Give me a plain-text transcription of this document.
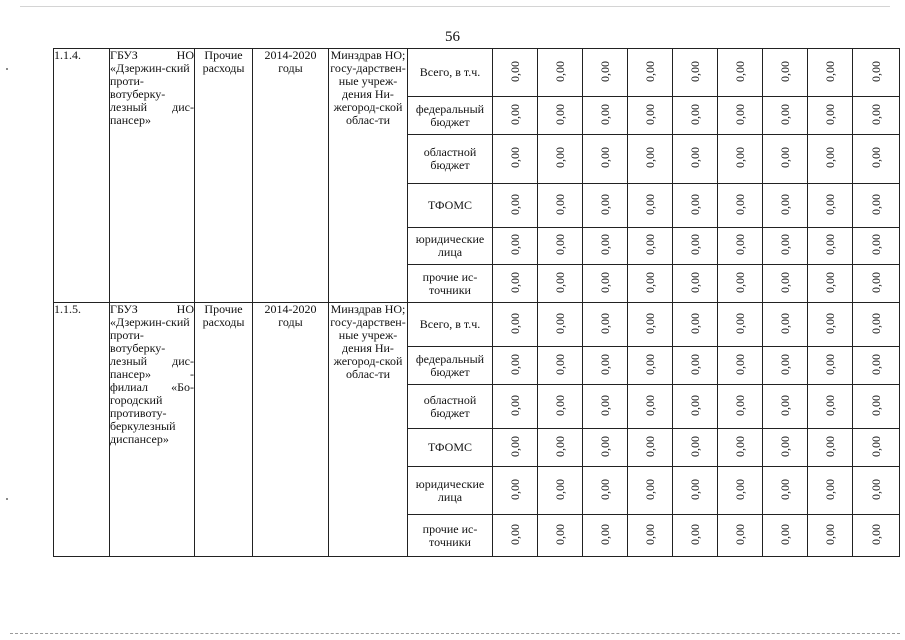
56
1.1.4.	ГБУЗ НО «Дзержин-ский проти-вотуберку-лезный дис-пансер»	Прочие расходы	2014-2020 годы	Минздрав НО; госу-дарствен-ные учреж-дения Ни-жегород-ской облас-ти	Всего, в т.ч.	0,00	0,00	0,00	0,00	0,00	0,00	0,00	0,00	0,00
					федеральный бюджет	0,00	0,00	0,00	0,00	0,00	0,00	0,00	0,00	0,00
					областной бюджет	0,00	0,00	0,00	0,00	0,00	0,00	0,00	0,00	0,00
					ТФОМС	0,00	0,00	0,00	0,00	0,00	0,00	0,00	0,00	0,00
					юридические лица	0,00	0,00	0,00	0,00	0,00	0,00	0,00	0,00	0,00
					прочие ис-точники	0,00	0,00	0,00	0,00	0,00	0,00	0,00	0,00	0,00
1.1.5.	ГБУЗ НО «Дзержин-ский проти-вотуберку-лезный дис-пансер» - филиал «Бо-городский противоту-беркулезный диспансер»	Прочие расходы	2014-2020 годы	Минздрав НО; госу-дарствен-ные учреж-дения Ни-жегород-ской облас-ти	Всего, в т.ч.	0,00	0,00	0,00	0,00	0,00	0,00	0,00	0,00	0,00
					федеральный бюджет	0,00	0,00	0,00	0,00	0,00	0,00	0,00	0,00	0,00
					областной бюджет	0,00	0,00	0,00	0,00	0,00	0,00	0,00	0,00	0,00
					ТФОМС	0,00	0,00	0,00	0,00	0,00	0,00	0,00	0,00	0,00
					юридические лица	0,00	0,00	0,00	0,00	0,00	0,00	0,00	0,00	0,00
					прочие ис-точники	0,00	0,00	0,00	0,00	0,00	0,00	0,00	0,00	0,00
